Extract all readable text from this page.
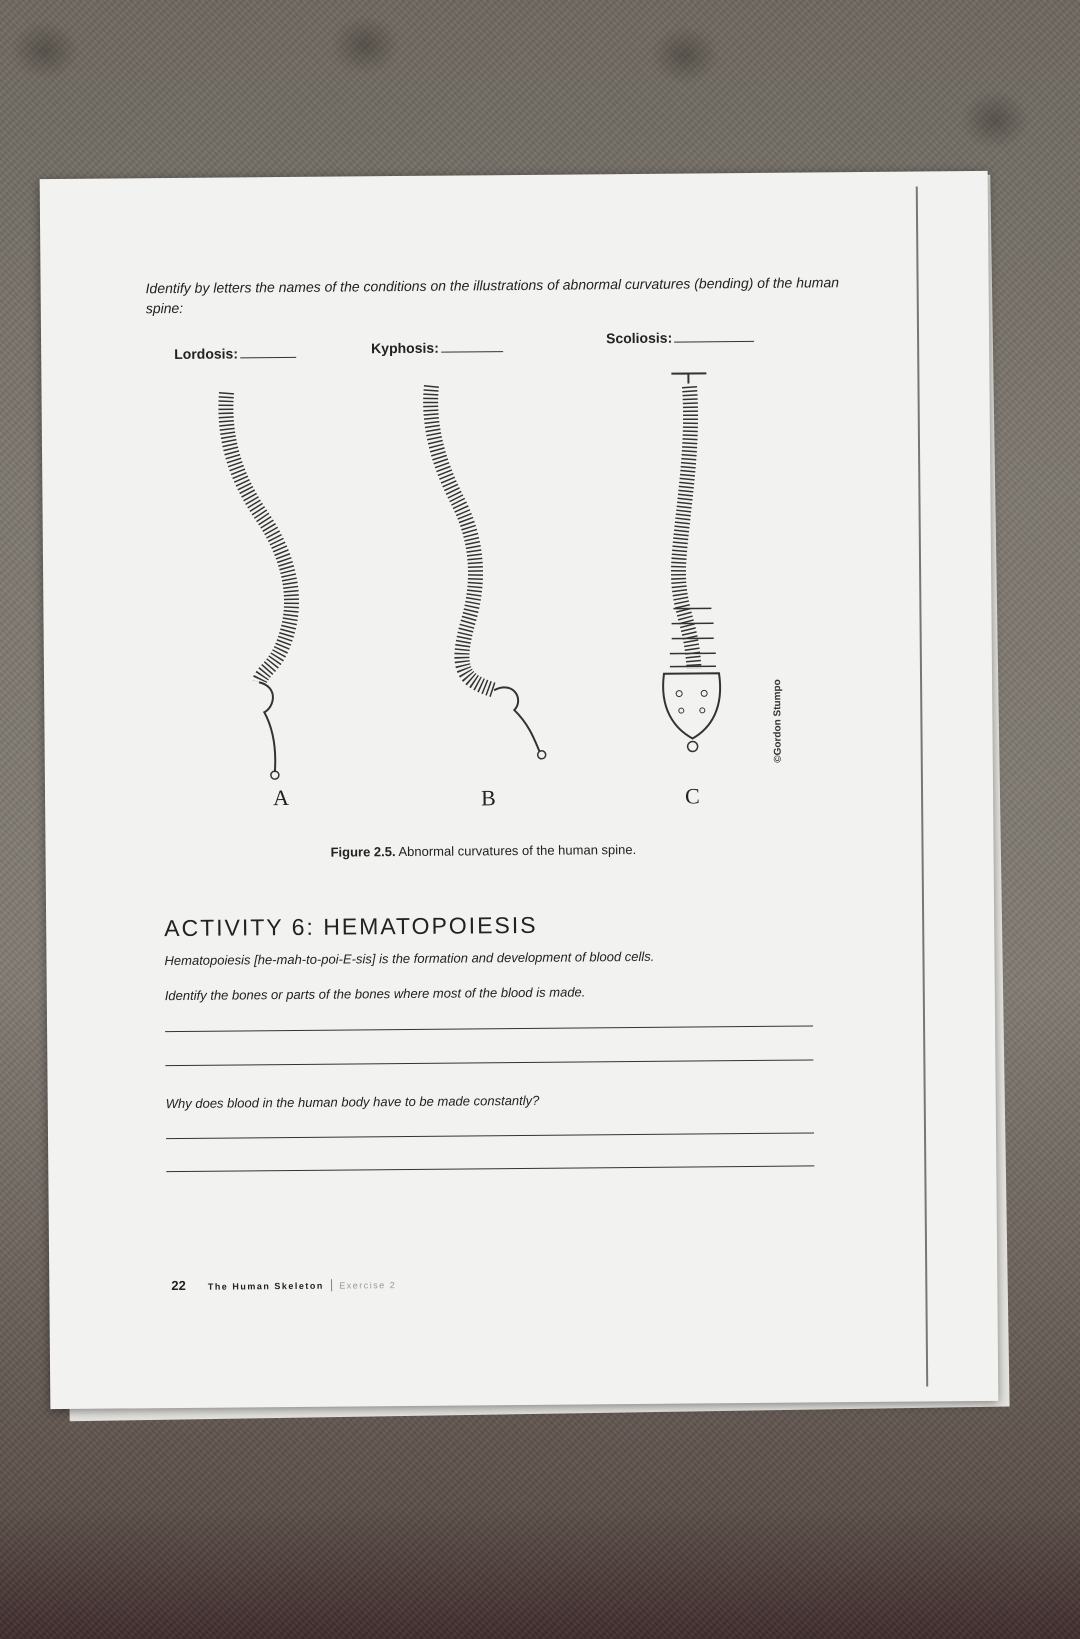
Identify by letters the names of the conditions on the illustrations of abnormal curvatures (bending) of the human spine:
Lordosis:	Kyphosis:
Scoliosis:
A	B	C
©Gordon Stumpo
Figure 2.5. Abnormal curvatures of the human spine.
ACTIVITY 6: HEMATOPOIESIS
Hematopoiesis [he-mah-to-poi-E-sis] is the formation and development of blood cells.
Identify the bones or parts of the bones where most of the blood is made.
Why does blood in the human body have to be made constantly?
22 The Human Skeleton | Exercise 2
